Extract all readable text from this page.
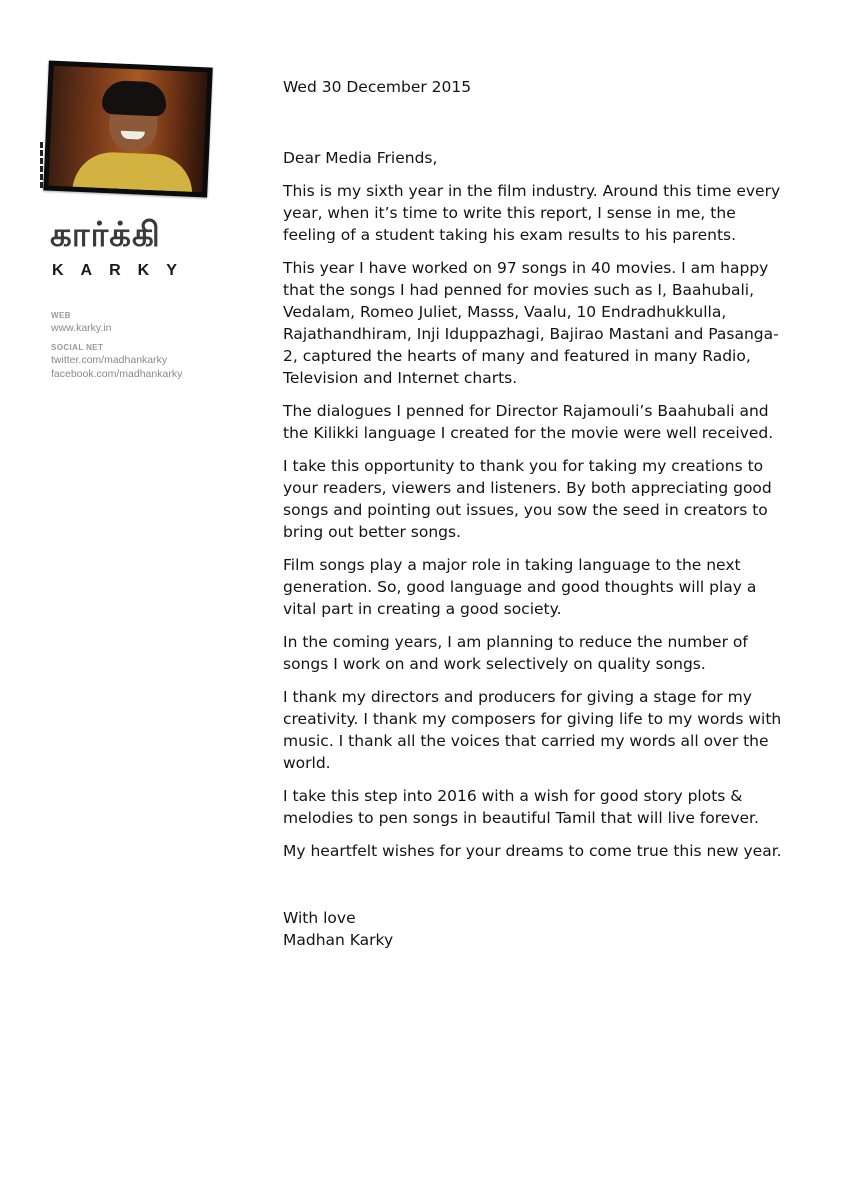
கார்க்கி
KARKY
WEB
www.karky.in
SOCIAL NET
twitter.com/madhankarky
facebook.com/madhankarky
Wed 30 December 2015
Dear Media Friends,

This is my sixth year in the film industry. Around this time every year, when it’s time to write this report, I sense in me, the feeling of a student taking his exam results to his parents.

This year I have worked on 97 songs in 40 movies. I am happy that the songs I had penned for movies such as I, Baahubali, Vedalam, Romeo Juliet, Masss, Vaalu, 10 Endradhukkulla, Rajathandhiram, Inji Iduppazhagi, Bajirao Mastani and Pasanga-2, captured the hearts of many and featured in many Radio, Television and Internet charts.

The dialogues I penned for Director Rajamouli’s Baahubali and the Kilikki language I created for the movie were well received.

I take this opportunity to thank you for taking my creations to your readers, viewers and listeners. By both appreciating good songs and pointing out issues, you sow the seed in creators to bring out better songs.

Film songs play a major role in taking language to the next generation. So, good language and good thoughts will play a vital part in creating a good society.

In the coming years, I am planning to reduce the number of songs I work on and work selectively on quality songs.

I thank my directors and producers for giving a stage for my creativity. I thank my composers for giving life to my words with music. I thank all the voices that carried my words all over the world.

I take this step into 2016 with a wish for good story plots & melodies to pen songs in beautiful Tamil that will live forever.

My heartfelt wishes for your dreams to come true this new year.

With love
Madhan Karky
